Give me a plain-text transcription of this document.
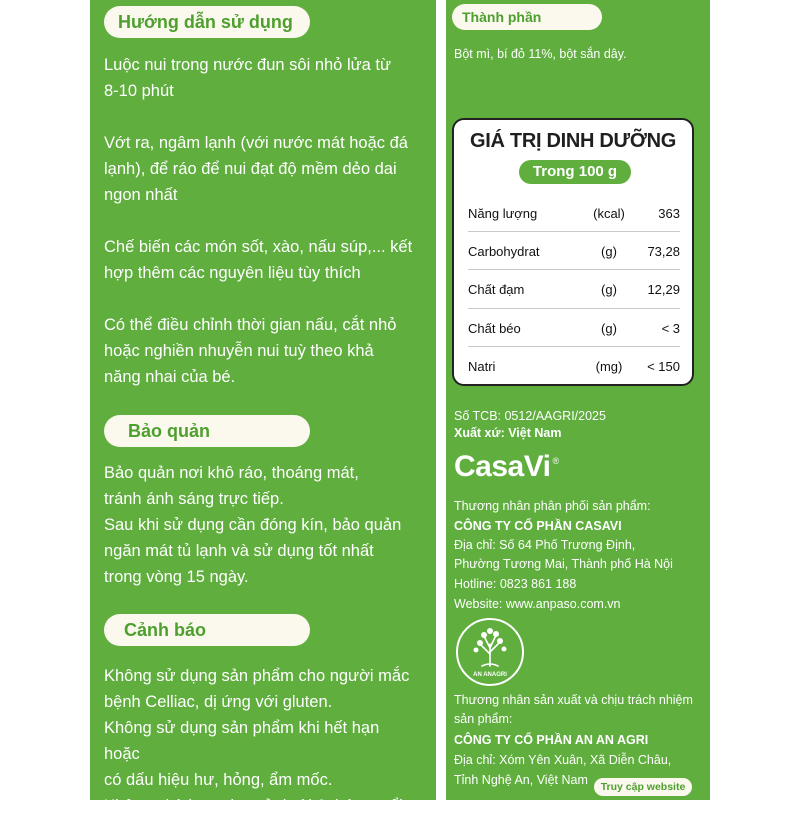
Hướng dẫn sử dụng

Luộc nui trong nước đun sôi nhỏ lửa từ

8-10 phút

Vớt ra, ngâm lạnh (với nước mát hoặc đá

lạnh), để ráo để nui đạt độ mềm dẻo dai

ngon nhất

Chế biến các món sốt, xào, nấu súp,... kết

hợp thêm các nguyên liệu tùy thích

Có thể điều chỉnh thời gian nấu, cắt nhỏ

hoặc nghiền nhuyễn nui tuỳ theo khả

năng nhai của bé.

Bảo quản

Bảo quản nơi khô ráo, thoáng mát,

tránh ánh sáng trực tiếp.

Sau khi sử dụng cần đóng kín, bảo quản

ngăn mát tủ lạnh và sử dụng tốt nhất

trong vòng 15 ngày.

Cảnh báo

Không sử dụng sản phẩm cho người mắc

bệnh Celliac, dị ứng với gluten.

Không sử dụng sản phẩm khi hết hạn hoặc

có dấu hiệu hư, hỏng, ẩm mốc.

Không phù hợp cho trẻ dưới 6 tháng tuổi.

Thành phần
Bột mì, bí đỏ 11%, bột sắn dây.
GIÁ TRỊ DINH DƯỠNG
Trong 100 g
Năng lượng	(kcal)	363
Carbohydrat	(g)	73,28
Chất đạm	(g)	12,29
Chất béo	(g)	< 3
Natri	(mg)	< 150
Số TCB: 0512/AAGRI/2025
Xuất xứ: Việt Nam
CasaVi ®
Thương nhân phân phối sản phẩm:
CÔNG TY CỔ PHẦN CASAVI
Địa chỉ: Số 64 Phố Trương Định,
Phường Tương Mai, Thành phố Hà Nội
Hotline: 0823 861 188
Website: www.anpaso.com.vn
AN ANAGRI
Thương nhân sản xuất và chịu trách nhiệm
sản phẩm:
CÔNG TY CỔ PHẦN AN AN AGRI
Địa chỉ: Xóm Yên Xuân, Xã Diễn Châu,
Tỉnh Nghệ An, Việt Nam	Truy cập website
